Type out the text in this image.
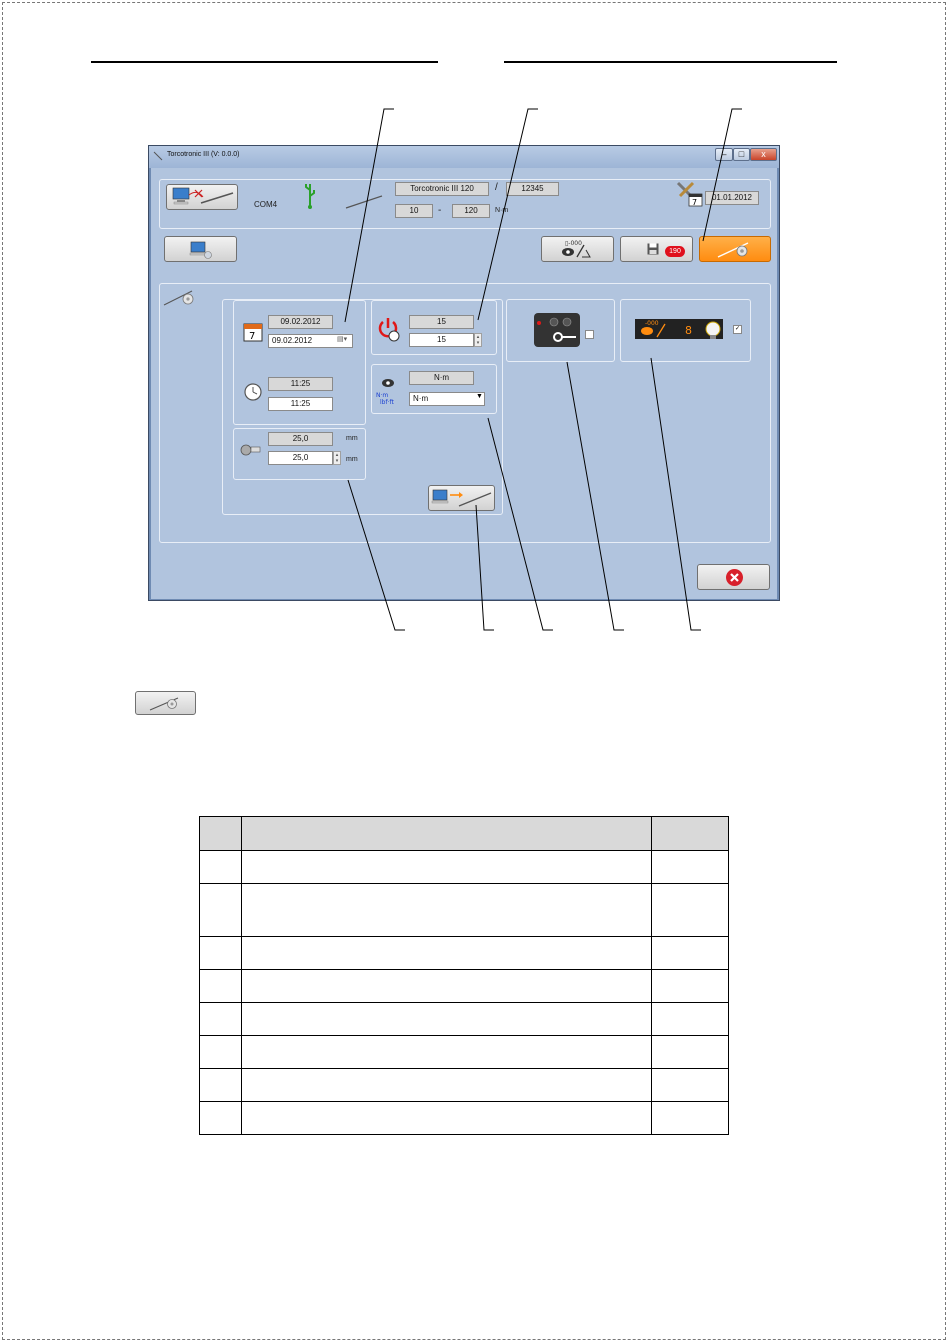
Torcotronic III (V: 0.0.0)	–	□	x
COM4
Torcotronic III 120	/	12345
10	-	120	N·m
7
01.01.2012
▯-000
190
7
09.02.2012
09.02.2012	▤▾
11:25
11:25
25,0	mm
25,0	▴
▾	mm
15
15	▴
▾
N·m
lbf·ft
N·m
N·m	▼
-000
8	✓
